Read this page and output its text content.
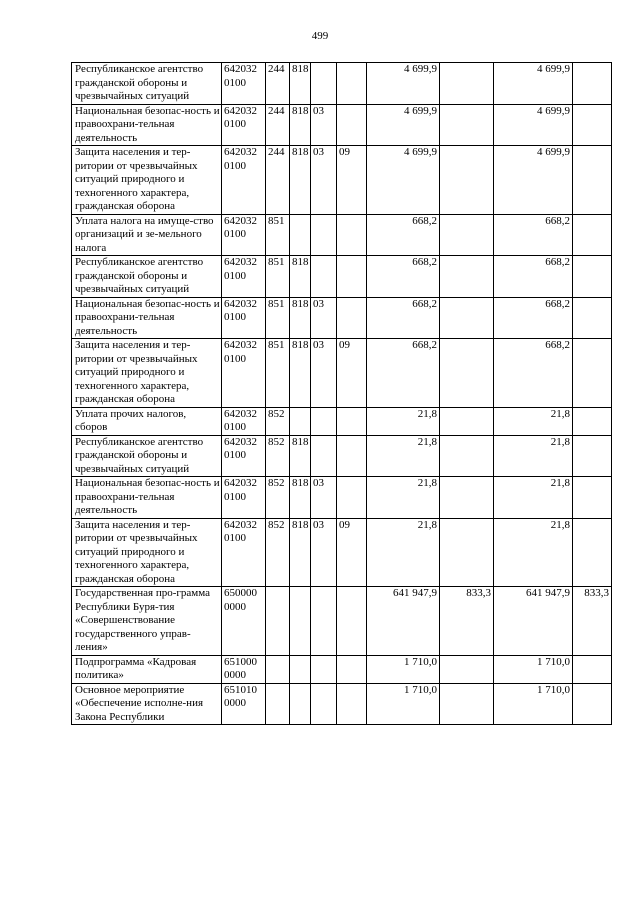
499
Республиканское агентство гражданской обороны и чрезвычайных ситуаций	642032 0100	244	818			4 699,9		4 699,9	
Национальная безопас-ность и правоохрани-тельная деятельность	642032 0100	244	818	03		4 699,9		4 699,9	
Защита населения и тер-ритории от чрезвычайных ситуаций природного и техногенного характера, гражданская оборона	642032 0100	244	818	03	09	4 699,9		4 699,9	
Уплата налога на имуще-ство организаций и зе-мельного налога	642032 0100	851				668,2		668,2	
Республиканское агентство гражданской обороны и чрезвычайных ситуаций	642032 0100	851	818			668,2		668,2	
Национальная безопас-ность и правоохрани-тельная деятельность	642032 0100	851	818	03		668,2		668,2	
Защита населения и тер-ритории от чрезвычайных ситуаций природного и техногенного характера, гражданская оборона	642032 0100	851	818	03	09	668,2		668,2	
Уплата прочих налогов, сборов	642032 0100	852				21,8		21,8	
Республиканское агентство гражданской обороны и чрезвычайных ситуаций	642032 0100	852	818			21,8		21,8	
Национальная безопас-ность и правоохрани-тельная деятельность	642032 0100	852	818	03		21,8		21,8	
Защита населения и тер-ритории от чрезвычайных ситуаций природного и техногенного характера, гражданская оборона	642032 0100	852	818	03	09	21,8		21,8	
Государственная про-грамма Республики Буря-тия «Совершенствование государственного управ-ления»	650000 0000					641 947,9	833,3	641 947,9	833,3
Подпрограмма «Кадровая политика»	651000 0000					1 710,0		1 710,0	
Основное мероприятие «Обеспечение исполне-ния Закона Республики	651010 0000					1 710,0		1 710,0	
